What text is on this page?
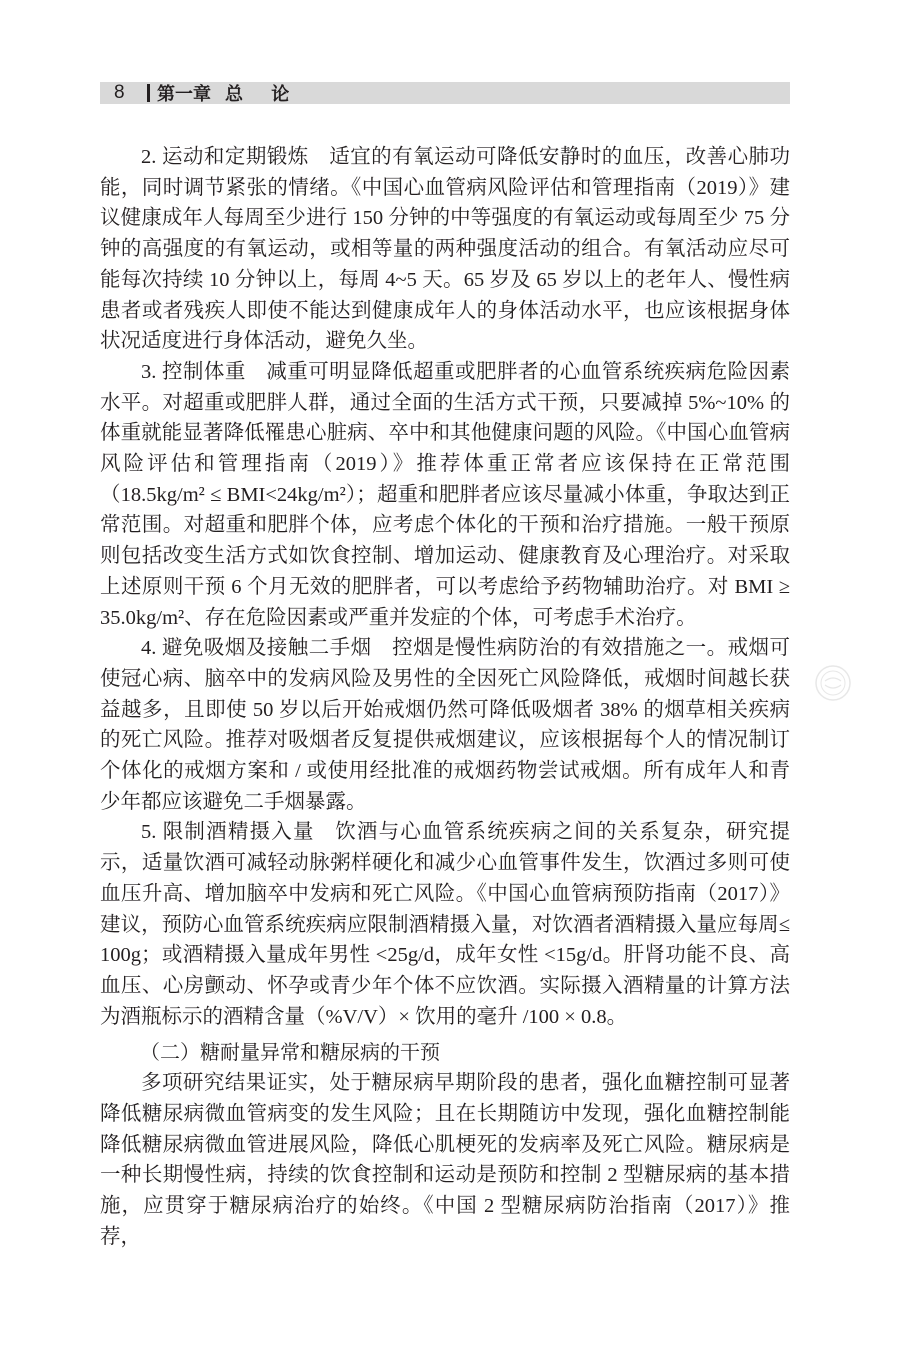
8	第一章 总 论

2. 运动和定期锻炼 适宜的有氧运动可降低安静时的血压，改善心肺功能，同时调节紧张的情绪。《中国心血管病风险评估和管理指南（2019）》建议健康成年人每周至少进行 150 分钟的中等强度的有氧运动或每周至少 75 分钟的高强度的有氧运动，或相等量的两种强度活动的组合。有氧活动应尽可能每次持续 10 分钟以上，每周 4~5 天。65 岁及 65 岁以上的老年人、慢性病患者或者残疾人即使不能达到健康成年人的身体活动水平，也应该根据身体状况适度进行身体活动，避免久坐。

3. 控制体重 减重可明显降低超重或肥胖者的心血管系统疾病危险因素水平。对超重或肥胖人群，通过全面的生活方式干预，只要减掉 5%~10% 的体重就能显著降低罹患心脏病、卒中和其他健康问题的风险。《中国心血管病风险评估和管理指南（2019）》推荐体重正常者应该保持在正常范围（18.5kg/m² ≤ BMI<24kg/m²）；超重和肥胖者应该尽量减小体重，争取达到正常范围。对超重和肥胖个体，应考虑个体化的干预和治疗措施。一般干预原则包括改变生活方式如饮食控制、增加运动、健康教育及心理治疗。对采取上述原则干预 6 个月无效的肥胖者，可以考虑给予药物辅助治疗。对 BMI ≥ 35.0kg/m²、存在危险因素或严重并发症的个体，可考虑手术治疗。

4. 避免吸烟及接触二手烟 控烟是慢性病防治的有效措施之一。戒烟可使冠心病、脑卒中的发病风险及男性的全因死亡风险降低，戒烟时间越长获益越多，且即使 50 岁以后开始戒烟仍然可降低吸烟者 38% 的烟草相关疾病的死亡风险。推荐对吸烟者反复提供戒烟建议，应该根据每个人的情况制订个体化的戒烟方案和 / 或使用经批准的戒烟药物尝试戒烟。所有成年人和青少年都应该避免二手烟暴露。

5. 限制酒精摄入量 饮酒与心血管系统疾病之间的关系复杂，研究提示，适量饮酒可减轻动脉粥样硬化和减少心血管事件发生，饮酒过多则可使血压升高、增加脑卒中发病和死亡风险。《中国心血管病预防指南（2017）》建议，预防心血管系统疾病应限制酒精摄入量，对饮酒者酒精摄入量应每周≤ 100g；或酒精摄入量成年男性 <25g/d，成年女性 <15g/d。肝肾功能不良、高血压、心房颤动、怀孕或青少年个体不应饮酒。实际摄入酒精量的计算方法为酒瓶标示的酒精含量（%V/V）× 饮用的毫升 /100 × 0.8。

（二）糖耐量异常和糖尿病的干预

多项研究结果证实，处于糖尿病早期阶段的患者，强化血糖控制可显著降低糖尿病微血管病变的发生风险；且在长期随访中发现，强化血糖控制能降低糖尿病微血管进展风险，降低心肌梗死的发病率及死亡风险。糖尿病是一种长期慢性病，持续的饮食控制和运动是预防和控制 2 型糖尿病的基本措施，应贯穿于糖尿病治疗的始终。《中国 2 型糖尿病防治指南（2017）》推荐，
